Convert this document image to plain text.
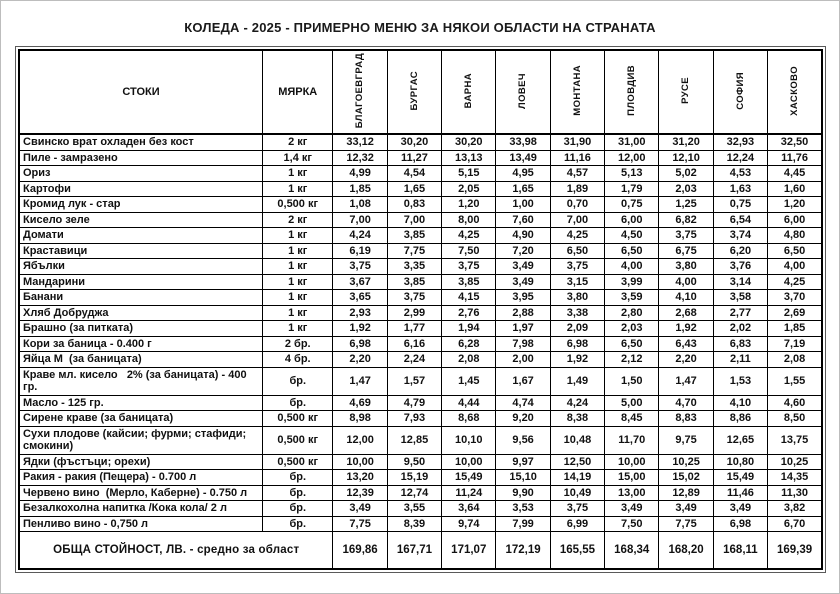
КОЛЕДА - 2025 - ПРИМЕРНО МЕНЮ ЗА НЯКОИ ОБЛАСТИ НА СТРАНАТА
СТОКИ	МЯРКА	БЛАГОЕВГРАД	БУРГАС	ВАРНА	ЛОВЕЧ	МОНТАНА	ПЛОВДИВ	РУСЕ	СОФИЯ	ХАСКОВО
Свинско врат охладен без кост	2 кг	33,12	30,20	30,20	33,98	31,90	31,00	31,20	32,93	32,50
Пиле - замразено	1,4 кг	12,32	11,27	13,13	13,49	11,16	12,00	12,10	12,24	11,76
Ориз	1 кг	4,99	4,54	5,15	4,95	4,57	5,13	5,02	4,53	4,45
Картофи	1 кг	1,85	1,65	2,05	1,65	1,89	1,79	2,03	1,63	1,60
Кромид лук - стар	0,500 кг	1,08	0,83	1,20	1,00	0,70	0,75	1,25	0,75	1,20
Кисело зеле	2 кг	7,00	7,00	8,00	7,60	7,00	6,00	6,82	6,54	6,00
Домати	1 кг	4,24	3,85	4,25	4,90	4,25	4,50	3,75	3,74	4,80
Краставици	1 кг	6,19	7,75	7,50	7,20	6,50	6,50	6,75	6,20	6,50
Ябълки	1 кг	3,75	3,35	3,75	3,49	3,75	4,00	3,80	3,76	4,00
Мандарини	1 кг	3,67	3,85	3,85	3,49	3,15	3,99	4,00	3,14	4,25
Банани	1 кг	3,65	3,75	4,15	3,95	3,80	3,59	4,10	3,58	3,70
Хляб Добруджа	1 кг	2,93	2,99	2,76	2,88	3,38	2,80	2,68	2,77	2,69
Брашно (за питката)	1 кг	1,92	1,77	1,94	1,97	2,09	2,03	1,92	2,02	1,85
Кори за баница - 0.400 г	2 бр.	6,98	6,16	6,28	7,98	6,98	6,50	6,43	6,83	7,19
Яйца М  (за баницата)	4 бр.	2,20	2,24	2,08	2,00	1,92	2,12	2,20	2,11	2,08
Краве мл. кисело   2% (за баницата) - 400 гр.	бр.	1,47	1,57	1,45	1,67	1,49	1,50	1,47	1,53	1,55
Масло - 125 гр.	бр.	4,69	4,79	4,44	4,74	4,24	5,00	4,70	4,10	4,60
Сирене краве (за баницата)	0,500 кг	8,98	7,93	8,68	9,20	8,38	8,45	8,83	8,86	8,50
Сухи плодове (кайсии; фурми; стафиди; смокини)	0,500 кг	12,00	12,85	10,10	9,56	10,48	11,70	9,75	12,65	13,75
Ядки (фъстъци; орехи)	0,500 кг	10,00	9,50	10,00	9,97	12,50	10,00	10,25	10,80	10,25
Ракия - ракия (Пещера) - 0.700 л	бр.	13,20	15,19	15,49	15,10	14,19	15,00	15,02	15,49	14,35
Червено вино  (Мерло, Каберне) - 0.750 л	бр.	12,39	12,74	11,24	9,90	10,49	13,00	12,89	11,46	11,30
Безалкохолна напитка /Кока кола/ 2 л	бр.	3,49	3,55	3,64	3,53	3,75	3,49	3,49	3,49	3,82
Пенливо вино - 0,750 л	бр.	7,75	8,39	9,74	7,99	6,99	7,50	7,75	6,98	6,70
ОБЩА СТОЙНОСТ, ЛВ. - средно за област		169,86	167,71	171,07	172,19	165,55	168,34	168,20	168,11	169,39
